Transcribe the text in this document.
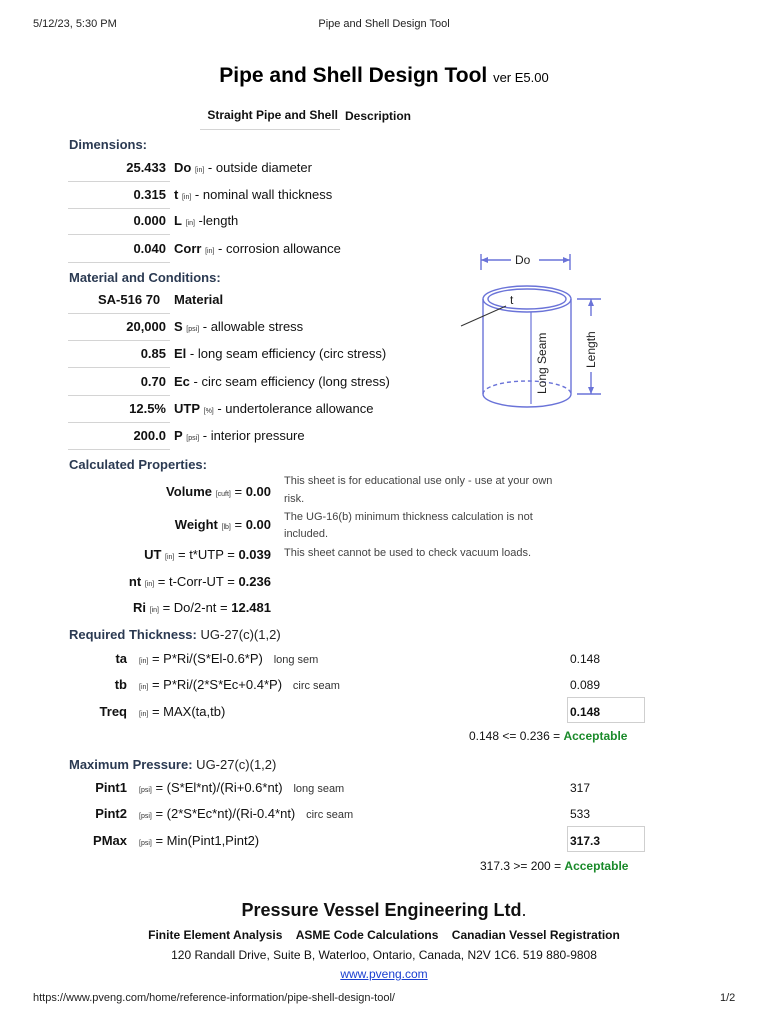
5/12/23, 5:30 PM	Pipe and Shell Design Tool
Pipe and Shell Design Tool ver E5.00
Straight Pipe and Shell Description
Dimensions:
25.433 Do [in] - outside diameter
0.315 t [in] - nominal wall thickness
0.000 L [in] -length
0.040 Corr [in] - corrosion allowance
Material and Conditions:
SA-516 70 Material
20,000 S [psi] - allowable stress
0.85 El - long seam efficiency (circ stress)
0.70 Ec - circ seam efficiency (long stress)
12.5% UTP [%] - undertolerance allowance
200.0 P [psi] - interior pressure
Do
t
Long Seam	Length
Calculated Properties:
Volume [cuft] = 0.00
Weight [lb] = 0.00
UT [in] = t*UTP = 0.039
nt [in] = t-Corr-UT = 0.236
Ri [in] = Do/2-nt = 12.481
This sheet is for educational use only - use at your own
risk.
The UG-16(b) minimum thickness calculation is not
included.
This sheet cannot be used to check vacuum loads.
Required Thickness: UG-27(c)(1,2)
ta [in] = P*Ri/(S*El-0.6*P) long sem	0.148
tb [in] = P*Ri/(2*S*Ec+0.4*P) circ seam	0.089
Treq [in] = MAX(ta,tb)	0.148
0.148 <= 0.236 = Acceptable
Maximum Pressure: UG-27(c)(1,2)
Pint1 [psi] = (S*El*nt)/(Ri+0.6*nt) long seam	317
Pint2 [psi] = (2*S*Ec*nt)/(Ri-0.4*nt) circ seam	533
PMax [psi] = Min(Pint1,Pint2)	317.3
317.3 >= 200 = Acceptable
Pressure Vessel Engineering Ltd.
Finite Element Analysis ASME Code Calculations Canadian Vessel Registration
120 Randall Drive, Suite B, Waterloo, Ontario, Canada, N2V 1C6. 519 880-9808
www.pveng.com
https://www.pveng.com/home/reference-information/pipe-shell-design-tool/	1/2
